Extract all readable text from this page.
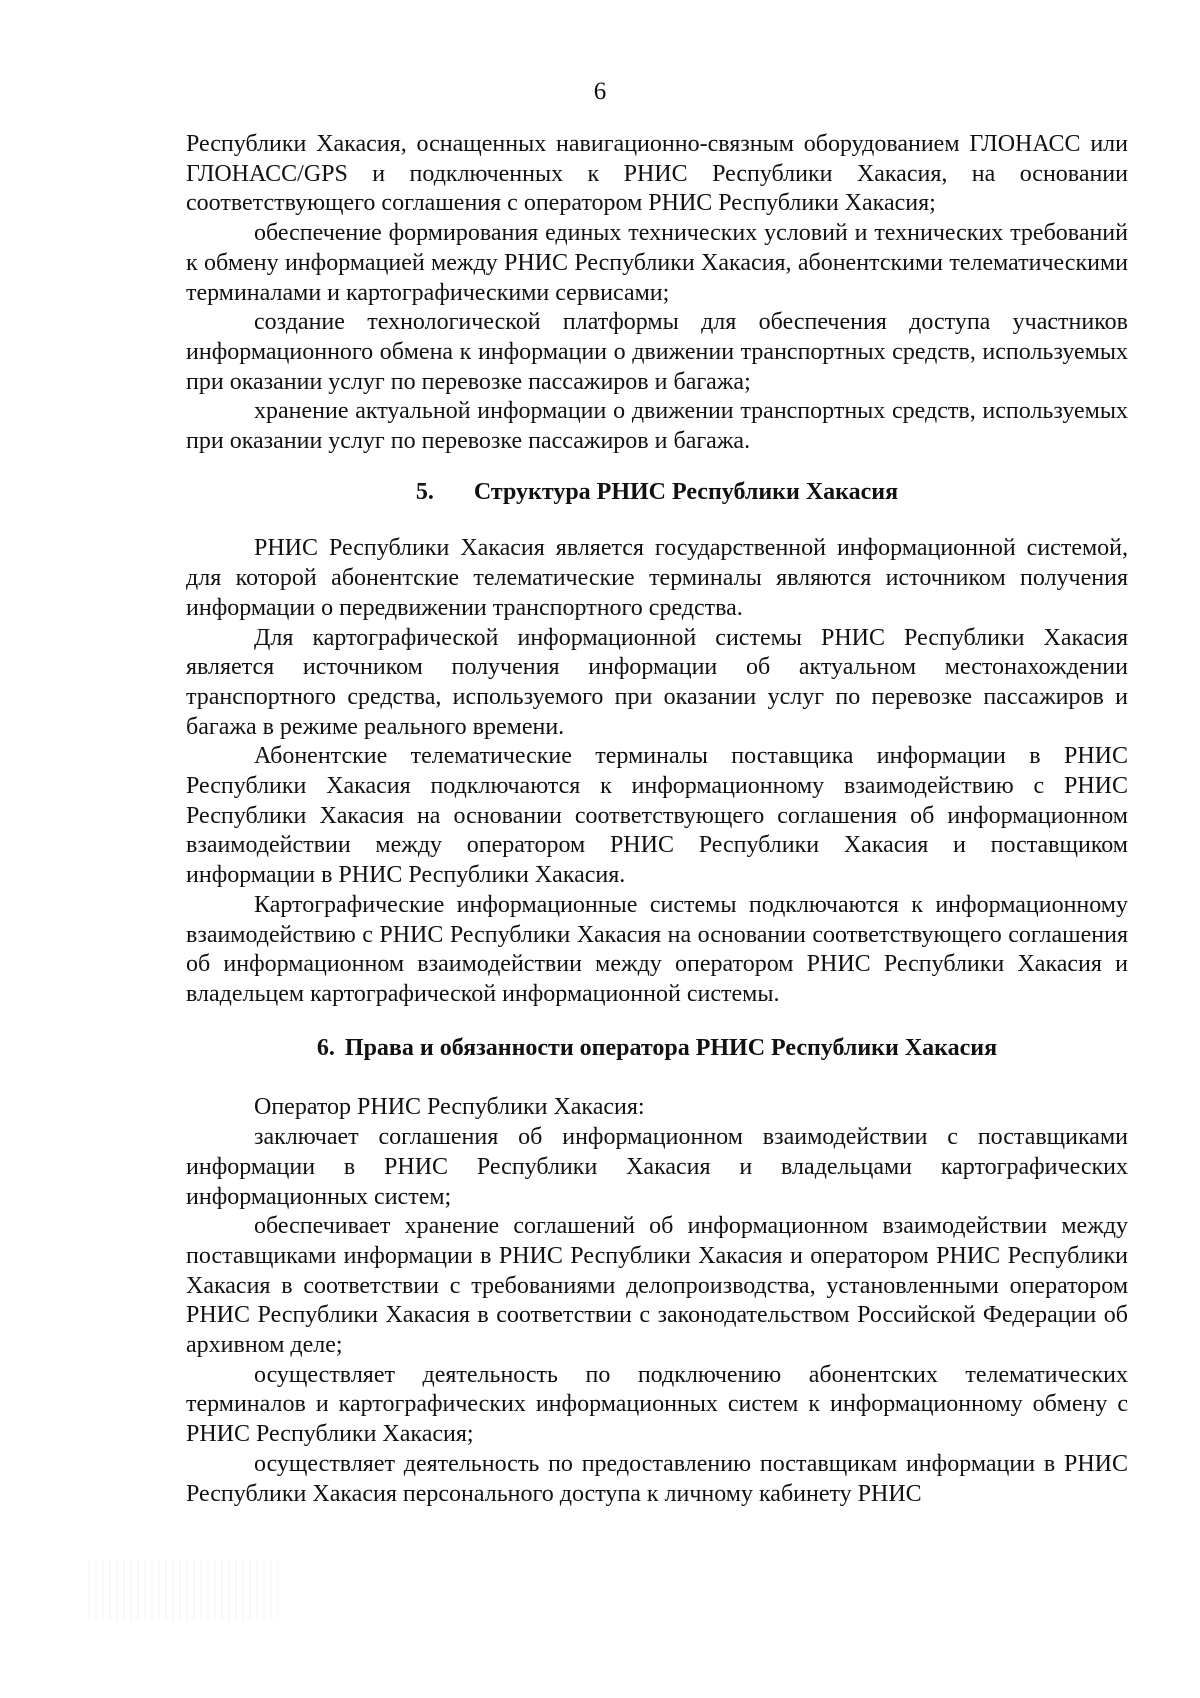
6

Республики Хакасия, оснащенных навигационно-связным оборудованием ГЛОНАСС или ГЛОНАСС/GPS и подключенных к РНИС Республики Хакасия, на основании соответствующего соглашения с оператором РНИС Республики Хакасия;

обеспечение формирования единых технических условий и технических требований к обмену информацией между РНИС Республики Хакасия, абонентскими телематическими терминалами и картографическими сервисами;

создание технологической платформы для обеспечения доступа участников информационного обмена к информации о движении транспортных средств, используемых при оказании услуг по перевозке пассажиров и багажа;

хранение актуальной информации о движении транспортных средств, используемых при оказании услуг по перевозке пассажиров и багажа.

5. Структура РНИС Республики Хакасия

РНИС Республики Хакасия является государственной информационной системой, для которой абонентские телематические терминалы являются источником получения информации о передвижении транспортного средства.

Для картографической информационной системы РНИС Республики Хакасия является источником получения информации об актуальном местонахождении транспортного средства, используемого при оказании услуг по перевозке пассажиров и багажа в режиме реального времени.

Абонентские телематические терминалы поставщика информации в РНИС Республики Хакасия подключаются к информационному взаимодействию с РНИС Республики Хакасия на основании соответствующего соглашения об информационном взаимодействии между оператором РНИС Республики Хакасия и поставщиком информации в РНИС Республики Хакасия.

Картографические информационные системы подключаются к информационному взаимодействию с РНИС Республики Хакасия на основании соответствующего соглашения об информационном взаимодействии между оператором РНИС Республики Хакасия и владельцем картографической информационной системы.

6. Права и обязанности оператора РНИС Республики Хакасия

Оператор РНИС Республики Хакасия:

заключает соглашения об информационном взаимодействии с поставщиками информации в РНИС Республики Хакасия и владельцами картографических информационных систем;

обеспечивает хранение соглашений об информационном взаимодействии между поставщиками информации в РНИС Республики Хакасия и оператором РНИС Республики Хакасия в соответствии с требованиями делопроизводства, установленными оператором РНИС Республики Хакасия в соответствии с законодательством Российской Федерации об архивном деле;

осуществляет деятельность по подключению абонентских телематических терминалов и картографических информационных систем к информационному обмену с РНИС Республики Хакасия;

осуществляет деятельность по предоставлению поставщикам информации в РНИС Республики Хакасия персонального доступа к личному кабинету РНИС
